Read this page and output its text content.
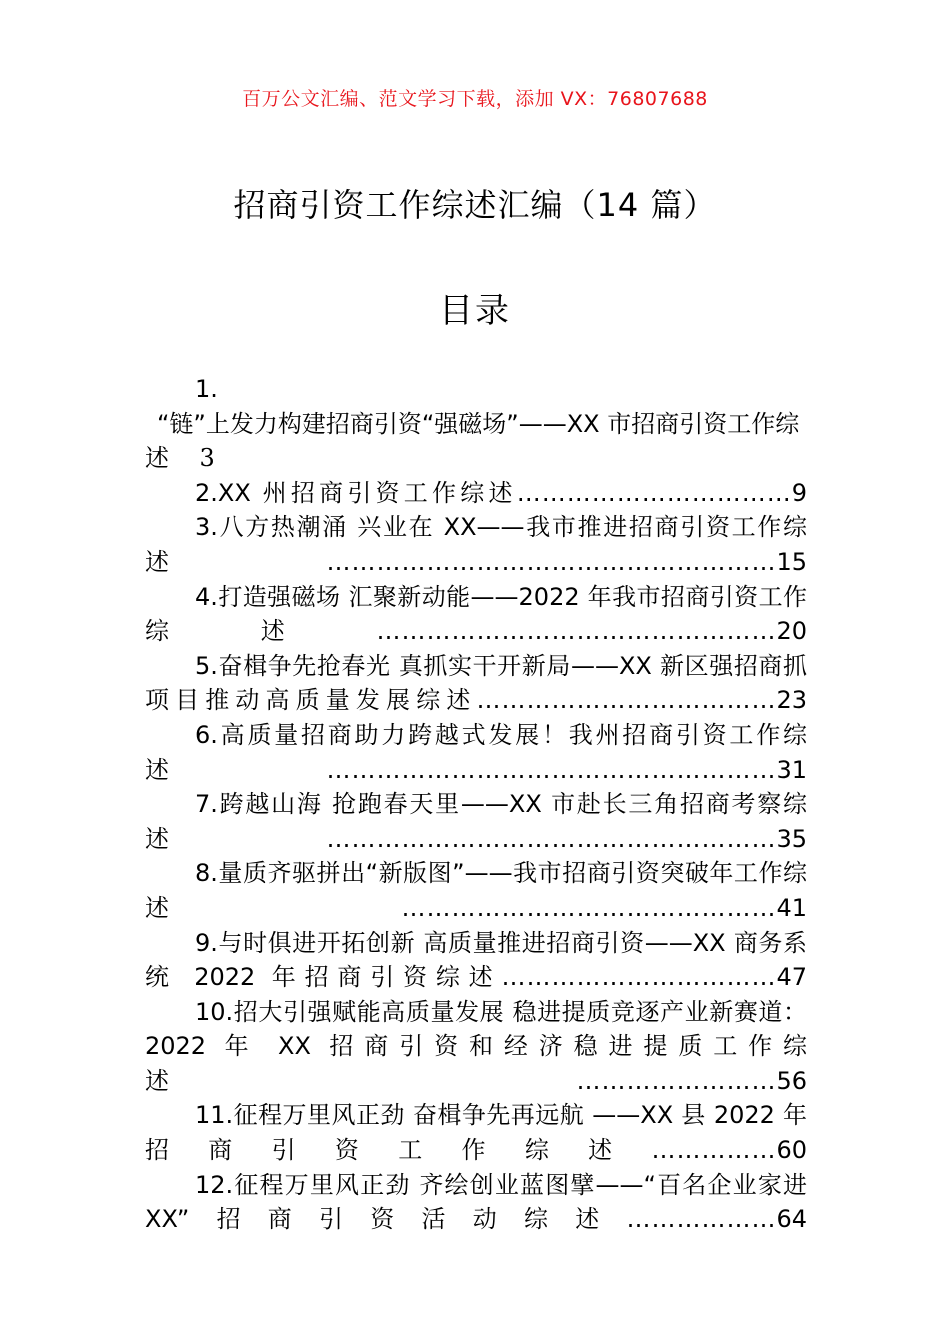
百万公文汇编、范文学习下载，添加 VX：76807688
招商引资工作综述汇编（14 篇）
目录
1.
“链”上发力构建招商引资“强磁场”——XX 市招商引资工作综述 3
2.XX 州招商引资工作综述……………………………9
3.八方热潮涌 兴业在 XX——我市推进招商引资工作综述………………………………………………15
4.打造强磁场 汇聚新动能——2022 年我市招商引资工作综述…………………………………………20
5.奋楫争先抢春光 真抓实干开新局——XX 新区强招商抓项目推动高质量发展综述………………………………23
6.高质量招商助力跨越式发展！我州招商引资工作综述………………………………………………31
7.跨越山海 抢跑春天里——XX 市赴长三角招商考察综述………………………………………………35
8.量质齐驱拼出“新版图”——我市招商引资突破年工作综述………………………………………41
9.与时俱进开拓创新 高质量推进招商引资——XX 商务系统 2022 年招商引资综述……………………………47
10.招大引强赋能高质量发展 稳进提质竞逐产业新赛道：2022 年 XX 招商引资和经济稳进提质工作综述……………………56
11.征程万里风正劲 奋楫争先再远航 ——XX 县 2022 年招商引资工作综述……………60
12.征程万里风正劲 齐绘创业蓝图擘——“百名企业家进 XX”招商引资活动综述………………64
